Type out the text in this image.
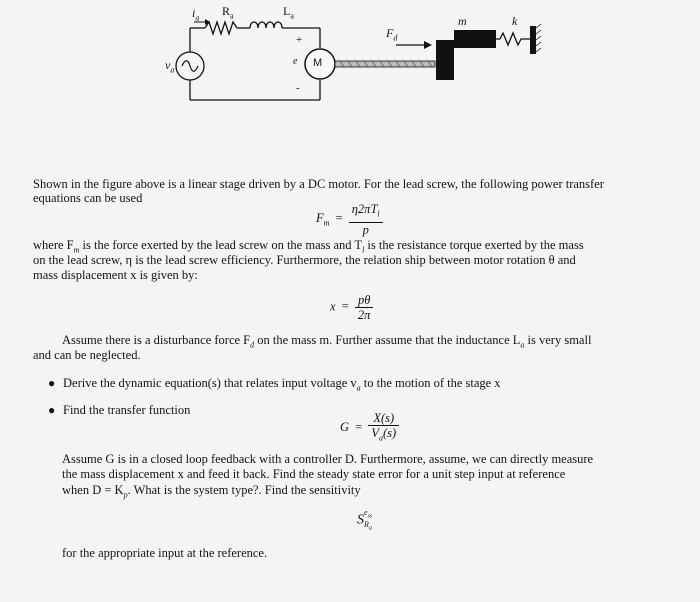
$i_a$ $R_a$	$L_a$
$v_a$
e M
+
-
$F_d$
m	k
Shown in the figure above is a linear stage driven by a DC motor. For the lead screw, the following power transfer
equations can be used
$F_m = \frac{\eta 2\pi T_l}{p}$
where $F_m$ is the force exerted by the lead screw on the mass and $T_l$ is the resistance torque exerted by the mass
on the lead screw, η is the lead screw efficiency. Furthermore, the relation ship between motor rotation θ and
mass displacement x is given by:
$x = \frac{p\theta}{2\pi}$
Assume there is a disturbance force $F_d$ on the mass m. Further assume that the inductance $L_a$ is very small
and can be neglected.
● Derive the dynamic equation(s) that relates input voltage $v_a$ to the motion of the stage x
● Find the transfer function
$G = \frac{X(s)}{V_a(s)}$
Assume G is in a closed loop feedback with a controller D. Furthermore, assume, we can directly measure
the mass displacement x and feed it back. Find the steady state error for a unit step input at reference
when $D = K_p$. What is the system type?. Find the sensitivity
S $e_{ss}$
$R_a$
for the appropriate input at the reference.
